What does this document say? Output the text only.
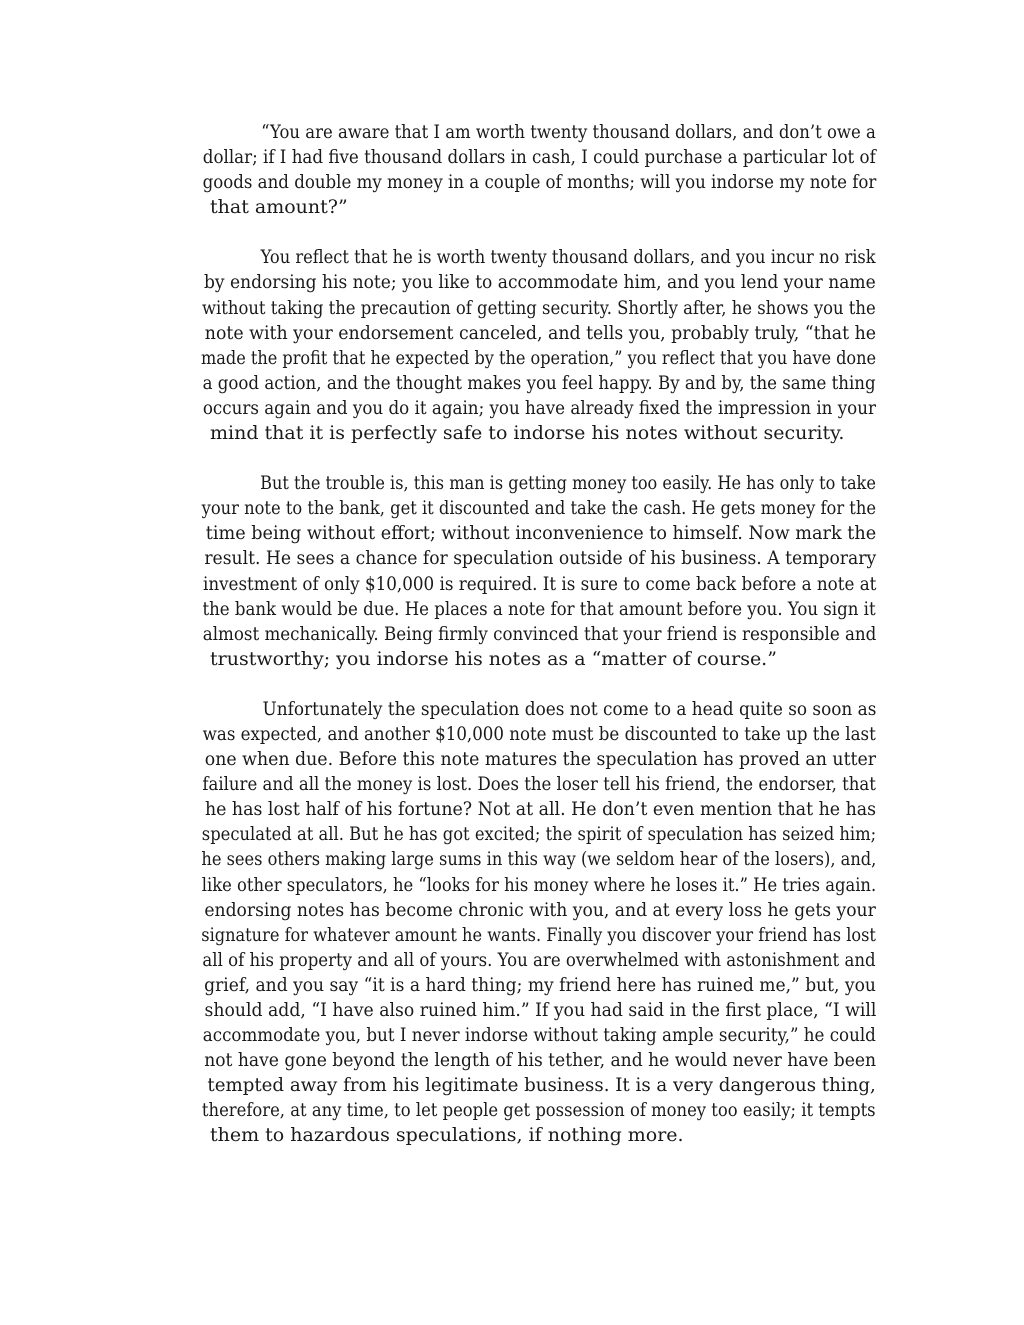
“You are aware that I am worth twenty thousand dollars, and don’t owe a dollar; if I had five thousand dollars in cash, I could purchase a particular lot of goods and double my money in a couple of months; will you indorse my note for
that amount?”

You reflect that he is worth twenty thousand dollars, and you incur no risk by endorsing his note; you like to accommodate him, and you lend your name without taking the precaution of getting security. Shortly after, he shows you the note with your endorsement canceled, and tells you, probably truly, “that he made the profit that he expected by the operation,” you reflect that you have done a good action, and the thought makes you feel happy. By and by, the same thing occurs again and you do it again; you have already fixed the impression in your
mind that it is perfectly safe to indorse his notes without security.

But the trouble is, this man is getting money too easily. He has only to take your note to the bank, get it discounted and take the cash. He gets money for the time being without effort; without inconvenience to himself. Now mark the result. He sees a chance for speculation outside of his business. A temporary investment of only $10,000 is required. It is sure to come back before a note at the bank would be due. He places a note for that amount before you. You sign it almost mechanically. Being firmly convinced that your friend is responsible and
trustworthy; you indorse his notes as a “matter of course.”

Unfortunately the speculation does not come to a head quite so soon as was expected, and another $10,000 note must be discounted to take up the last one when due. Before this note matures the speculation has proved an utter failure and all the money is lost. Does the loser tell his friend, the endorser, that he has lost half of his fortune? Not at all. He don’t even mention that he has speculated at all. But he has got excited; the spirit of speculation has seized him; he sees others making large sums in this way (we seldom hear of the losers), and, like other speculators, he “looks for his money where he loses it.” He tries again. endorsing notes has become chronic with you, and at every loss he gets your signature for whatever amount he wants. Finally you discover your friend has lost all of his property and all of yours. You are overwhelmed with astonishment and grief, and you say “it is a hard thing; my friend here has ruined me,” but, you should add, “I have also ruined him.” If you had said in the first place, “I will accommodate you, but I never indorse without taking ample security,” he could not have gone beyond the length of his tether, and he would never have been tempted away from his legitimate business. It is a very dangerous thing, therefore, at any time, to let people get possession of money too easily; it tempts
them to hazardous speculations, if nothing more.
